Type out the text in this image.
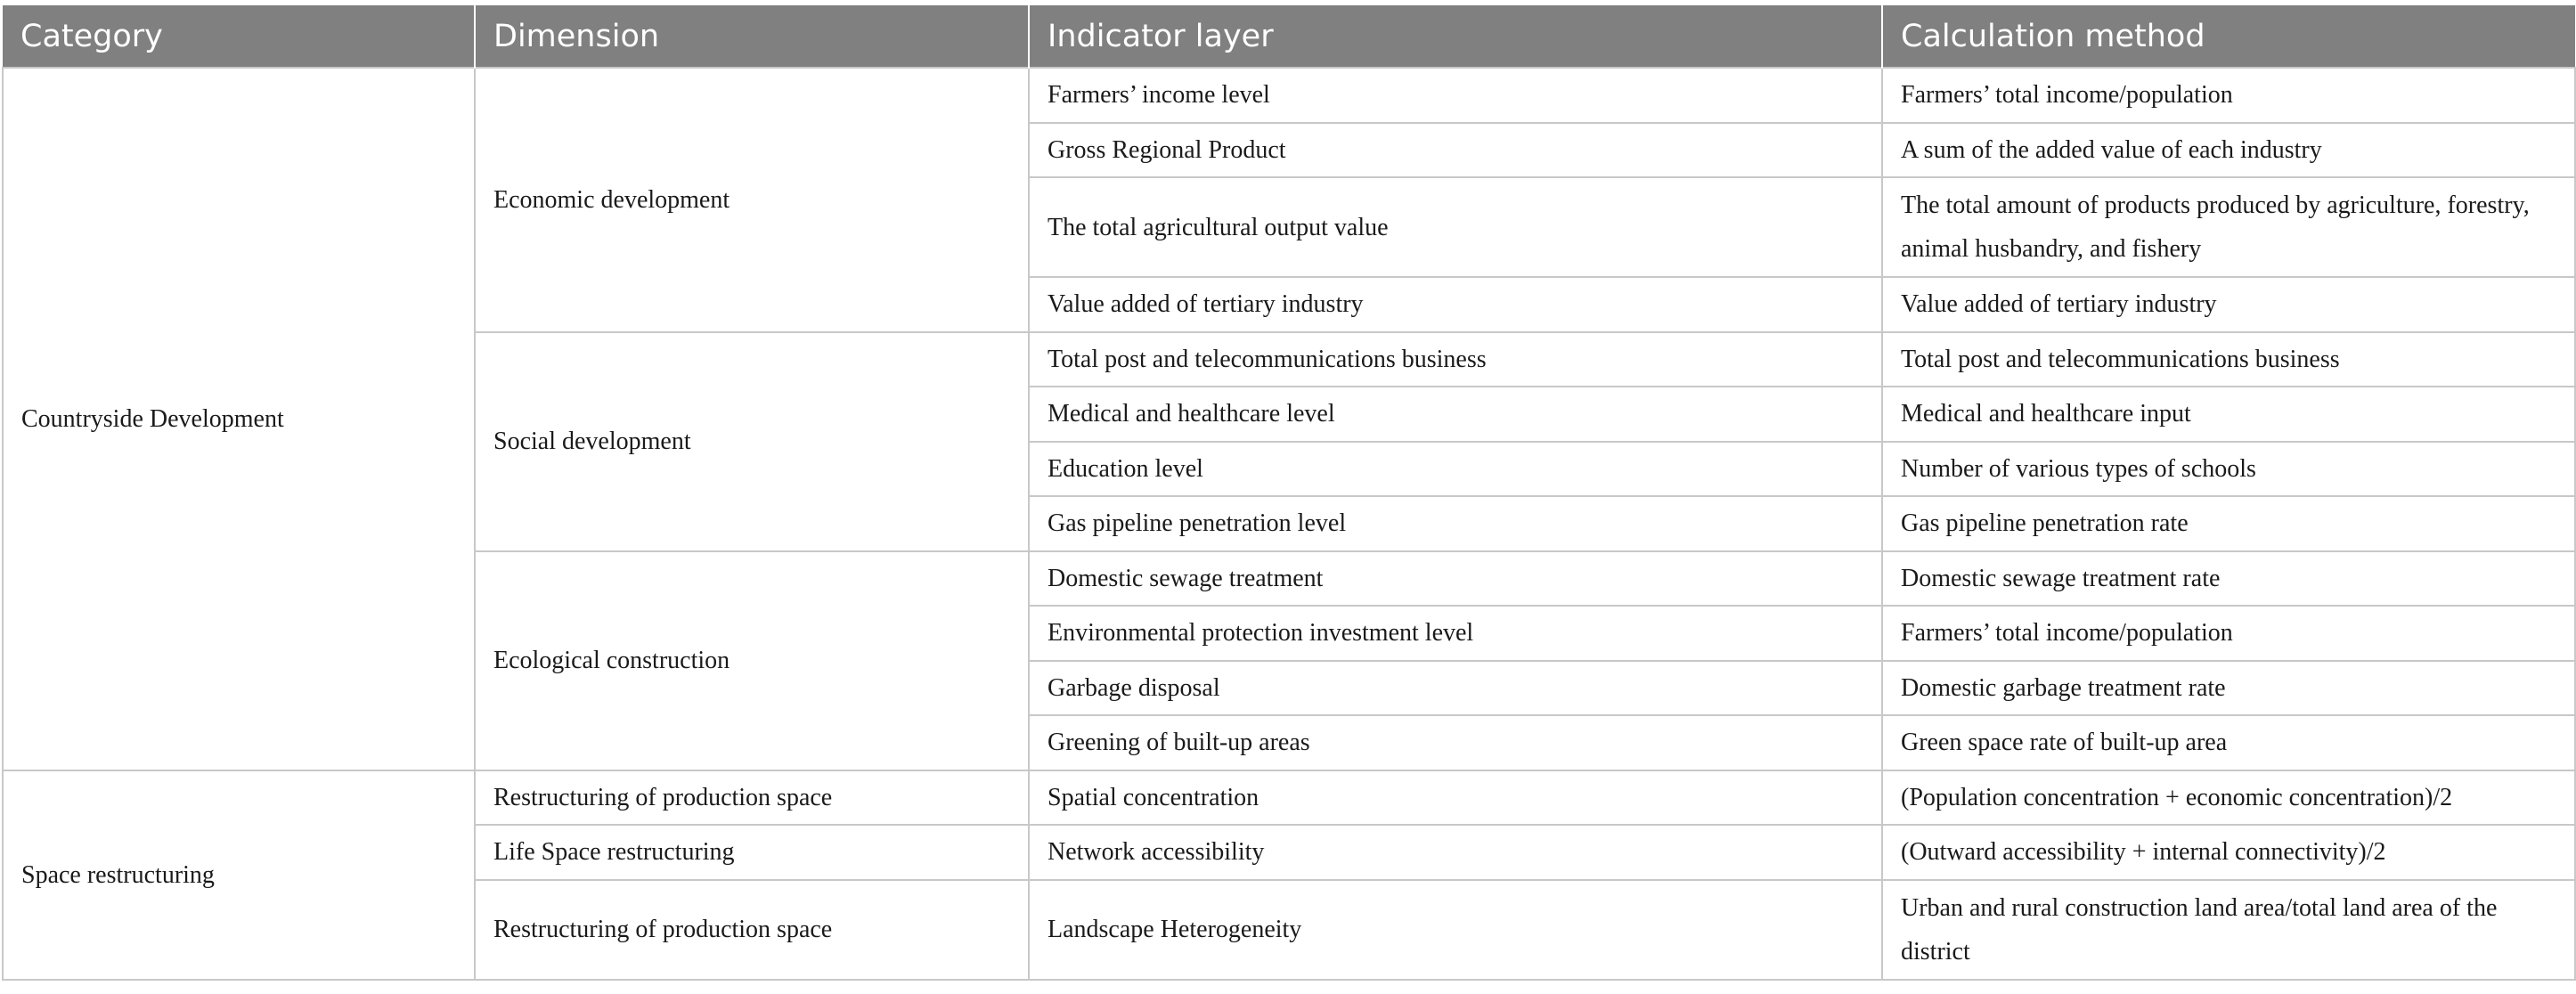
Category	Dimension	Indicator layer	Calculation method
Countryside Development	Economic development	Farmers’ income level	Farmers’ total income/population
		Gross Regional Product	A sum of the added value of each industry
		The total agricultural output value	The total amount of products produced by agriculture, forestry, animal husbandry, and fishery
		Value added of tertiary industry	Value added of tertiary industry
	Social development	Total post and telecommunications business	Total post and telecommunications business
		Medical and healthcare level	Medical and healthcare input
		Education level	Number of various types of schools
		Gas pipeline penetration level	Gas pipeline penetration rate
	Ecological construction	Domestic sewage treatment	Domestic sewage treatment rate
		Environmental protection investment level	Farmers’ total income/population
		Garbage disposal	Domestic garbage treatment rate
		Greening of built-up areas	Green space rate of built-up area
Space restructuring	Restructuring of production space	Spatial concentration	(Population concentration + economic concentration)/2
	Life Space restructuring	Network accessibility	(Outward accessibility + internal connectivity)/2
	Restructuring of production space	Landscape Heterogeneity	Urban and rural construction land area/total land area of the district
